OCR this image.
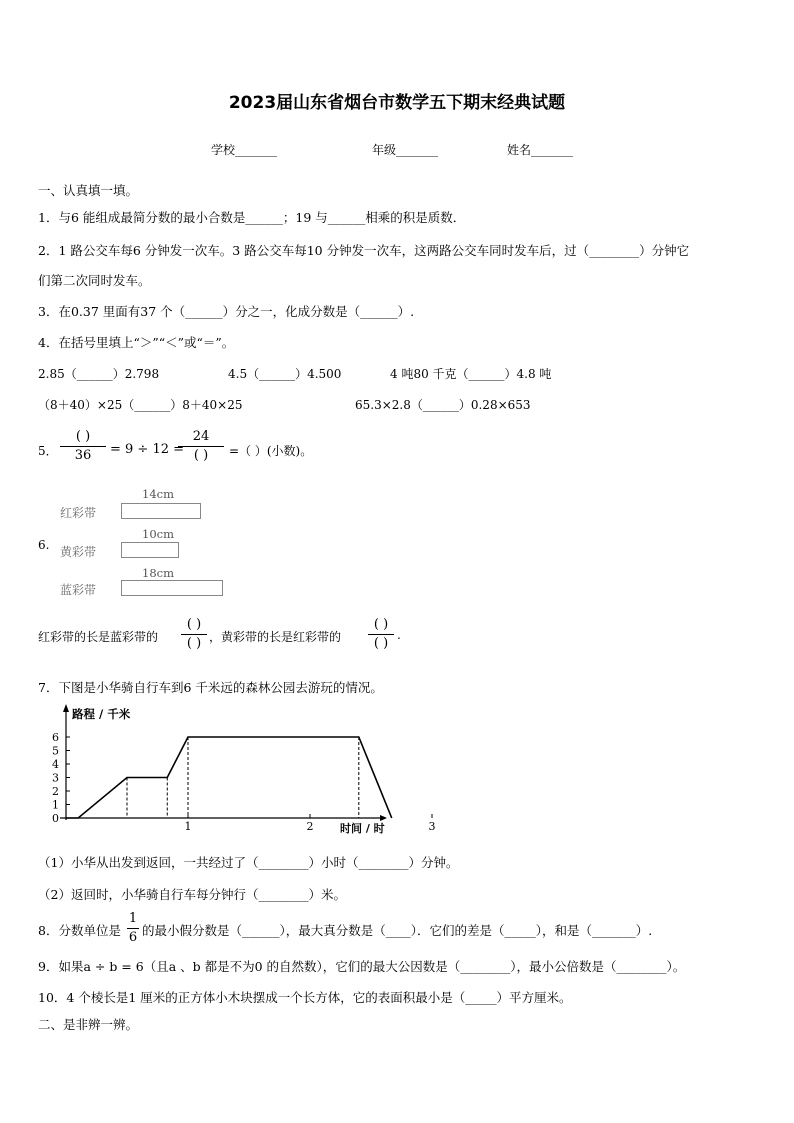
2023届山东省烟台市数学五下期末经典试题
学校_______	年级_______	姓名_______
一、认真填一填。
1．与6 能组成最简分数的最小合数是______；19 与______相乘的积是质数．
2．1 路公交车每6 分钟发一次车。3 路公交车每10 分钟发一次车，这两路公交车同时发车后，过（________）分钟它
们第二次同时发车。
3．在0.37 里面有37 个（______）分之一，化成分数是（______）.
4．在括号里填上“＞”“＜”或“＝”。
2.85（______）2.798	4.5（______）4.500	4 吨80 千克（______）4.8 吨
（8＋40）×25（______）8＋40×25	65.3×2.8（______）0.28×653
5．
( )
36	= 9 ÷ 12 =
24
( )	=（ ）(小数)。
6.
14cm
红彩带
10cm
黄彩带
18cm
蓝彩带
红彩带的长是蓝彩带的
( )
( ) ，黄彩带的长是红彩带的
( )
( )
.
7．下图是小华骑自行车到6 千米远的森林公园去游玩的情况。
0
1
2
3
4
5
6
1	2	3
路程 / 千米
时间 / 时
（1）小华从出发到返回，一共经过了（________）小时（________）分钟。
（2）返回时，小华骑自行车每分钟行（________）米。
8．分数单位是
1
6 的最小假分数是（______），最大真分数是（____）．它们的差是（_____），和是（_______）.
9．如果a ÷ b = 6（且a 、b 都是不为0 的自然数），它们的最大公因数是（________），最小公倍数是（________）。
10．4 个棱长是1 厘米的正方体小木块摆成一个长方体，它的表面积最小是（_____）平方厘米。
二、是非辨一辨。
